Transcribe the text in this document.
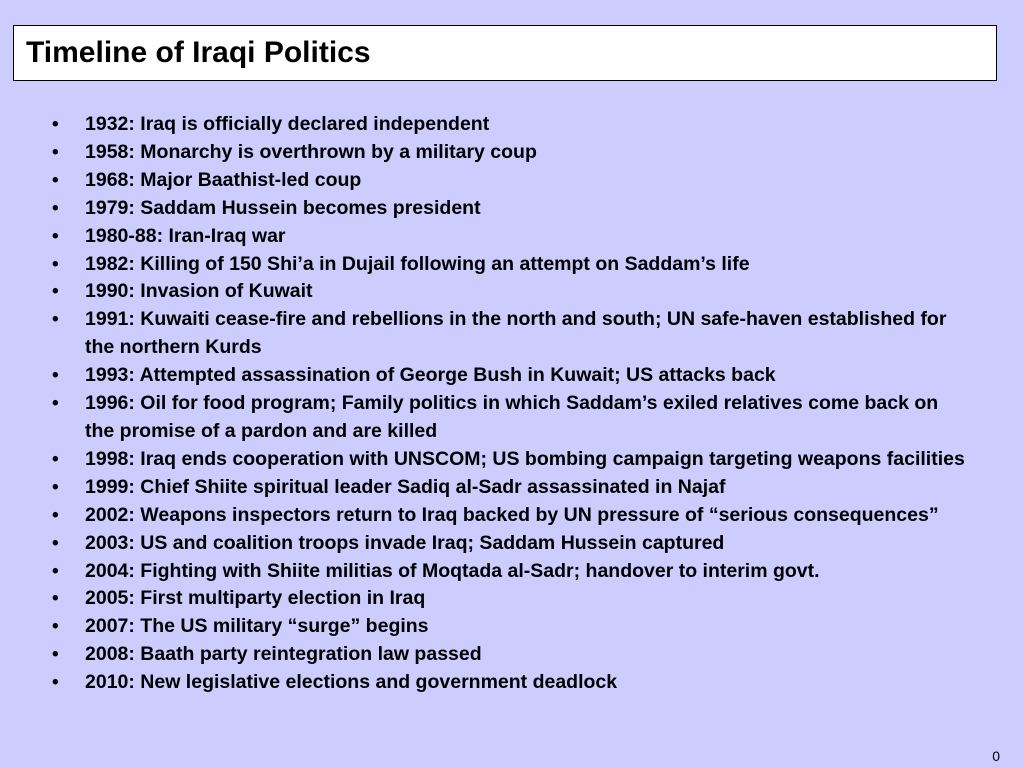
Timeline of Iraqi Politics
• 1932: Iraq is officially declared independent
• 1958: Monarchy is overthrown by a military coup
• 1968: Major Baathist-led coup
• 1979: Saddam Hussein becomes president
• 1980-88: Iran-Iraq war
• 1982: Killing of 150 Shi’a in Dujail following an attempt on Saddam’s life
• 1990: Invasion of Kuwait
• 1991: Kuwaiti cease-fire and rebellions in the north and south; UN safe-haven established for the northern Kurds
• 1993: Attempted assassination of George Bush in Kuwait; US attacks back
• 1996: Oil for food program; Family politics in which Saddam’s exiled relatives come back on the promise of a pardon and are killed
• 1998: Iraq ends cooperation with UNSCOM; US bombing campaign targeting weapons facilities
• 1999: Chief Shiite spiritual leader Sadiq al-Sadr assassinated in Najaf
• 2002: Weapons inspectors return to Iraq backed by UN pressure of “serious consequences”
• 2003: US and coalition troops invade Iraq; Saddam Hussein captured
• 2004: Fighting with Shiite militias of Moqtada al-Sadr; handover to interim govt.
• 2005: First multiparty election in Iraq
• 2007: The US military “surge” begins
• 2008: Baath party reintegration law passed
• 2010: New legislative elections and government deadlock
0
